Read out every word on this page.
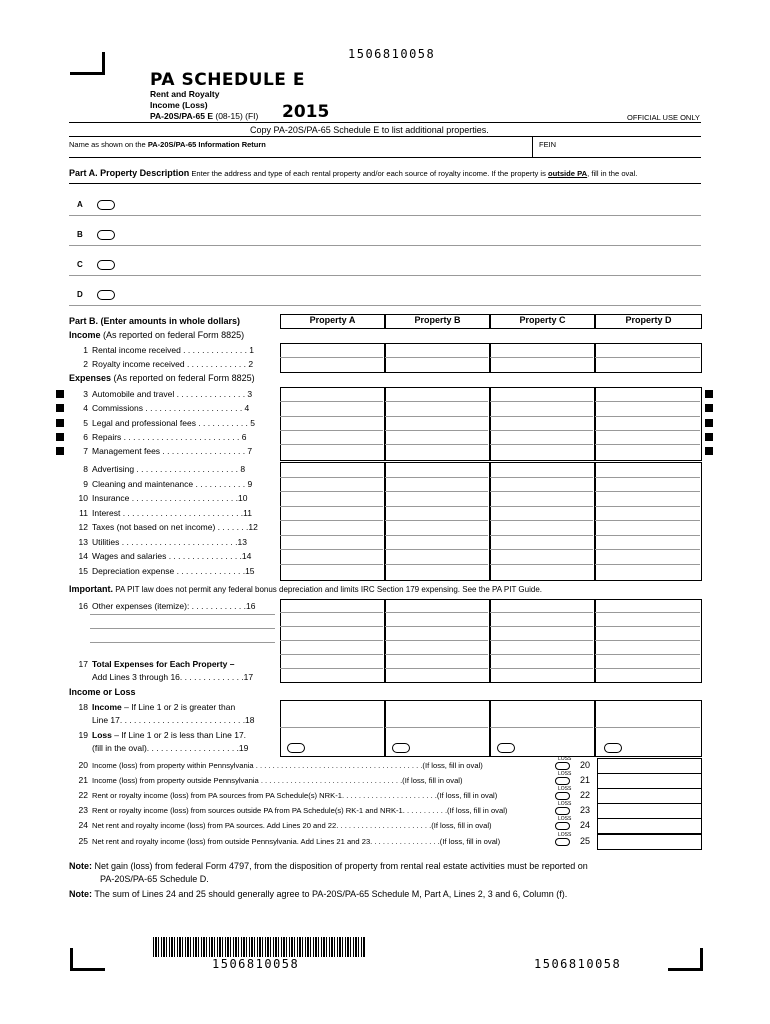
1506810058
PA SCHEDULE E
Rent and Royalty
Income (Loss)
PA-20S/PA-65 E (08-15) (FI) 2015	OFFICIAL USE ONLY
Copy PA-20S/PA-65 Schedule E to list additional properties.
Name as shown on the PA-20S/PA-65 Information Return	FEIN
Part A. Property Description Enter the address and type of each rental property and/or each source of royalty income. If the property is outside PA, fill in the oval.
A
B
C
D
Part B. (Enter amounts in whole dollars)	Property A	Property B	Property C	Property D
Income (As reported on federal Form 8825)
1 Rental income received . . . . . . . . . . . . . . 1
2 Royalty income received . . . . . . . . . . . . . 2
3 Automobile and travel . . . . . . . . . . . . . . . 3
4 Commissions . . . . . . . . . . . . . . . . . . . . . 4
5 Legal and professional fees . . . . . . . . . . . 5
6 Repairs . . . . . . . . . . . . . . . . . . . . . . . . . 6
7 Management fees . . . . . . . . . . . . . . . . . . 7
8 Advertising . . . . . . . . . . . . . . . . . . . . . . 8
9 Cleaning and maintenance . . . . . . . . . . . 9
10 Insurance . . . . . . . . . . . . . . . . . . . . . . .10
11 Interest . . . . . . . . . . . . . . . . . . . . . . . . . .11
12 Taxes (not based on net income) . . . . . . .12
13 Utilities . . . . . . . . . . . . . . . . . . . . . . . . .13
14 Wages and salaries . . . . . . . . . . . . . . . .14
15 Depreciation expense . . . . . . . . . . . . . . .15
Expenses (As reported on federal Form 8825)
Important. PA PIT law does not permit any federal bonus depreciation and limits IRC Section 179 expensing. See the PA PIT Guide.
16 Other expenses (itemize): . . . . . . . . . . . .16
17 Total Expenses for Each Property –
Add Lines 3 through 16. . . . . . . . . . . . . .17
Income or Loss
18 Income – If Line 1 or 2 is greater than
Line 17. . . . . . . . . . . . . . . . . . . . . . . . . . .18
19 Loss – If Line 1 or 2 is less than Line 17.
(fill in the oval). . . . . . . . . . . . . . . . . . . .19
20 Income (loss) from property within Pennsylvania . . . . . . . . . . . . . . . . . . . . . . . . . . . . . . . . . . . . . . . .(If loss, fill in oval)
LOSS
20
21 Income (loss) from property outside Pennsylvania . . . . . . . . . . . . . . . . . . . . . . . . . . . . . . . . . .(If loss, fill in oval)
LOSS
21
22 Rent or royalty income (loss) from PA sources from PA Schedule(s) NRK-1. . . . . . . . . . . . . . . . . . . . . . .(If loss, fill in oval)
LOSS
22
23 Rent or royalty income (loss) from sources outside PA from PA Schedule(s) RK-1 and NRK-1. . . . . . . . . . .(If loss, fill in oval)
LOSS
23
24 Net rent and royalty income (loss) from PA sources. Add Lines 20 and 22. . . . . . . . . . . . . . . . . . . . . . .(If loss, fill in oval)
LOSS
24
25 Net rent and royalty income (loss) from outside Pennsylvania. Add Lines 21 and 23. . . . . . . . . . . . . . . . .(If loss, fill in oval)
LOSS
25
Note: Net gain (loss) from federal Form 4797, from the disposition of property from rental real estate activities must be reported on
PA-20S/PA-65 Schedule D.
Note: The sum of Lines 24 and 25 should generally agree to PA-20S/PA-65 Schedule M, Part A, Lines 2, 3 and 6, Column (f).
1506810058	1506810058
